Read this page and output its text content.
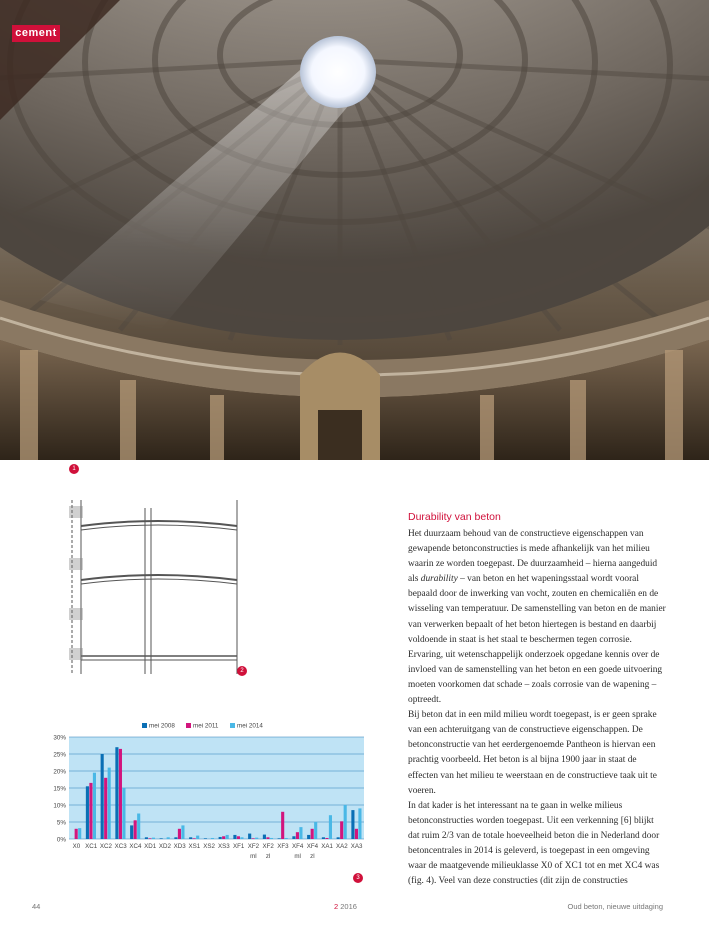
cement
1
2
0%
5%
10%
15%
20%
25%
30%
mei 2008	mei 2011	mei 2014
X0 XC1 XC2 XC3 XC4 XD1 XD2 XD3 XS1 XS2 XS3 XF1 XF2
ml
XF2
zl
XF3 XF4
ml
XF4
zl
XA1 XA2 XA3
3
Durability van beton

Het duurzaam behoud van de constructieve eigenschappen van gewapende betonconstructies is mede afhankelijk van het milieu waarin ze worden toegepast. De duurzaamheid – hierna aangeduid als durability – van beton en het wapeningsstaal wordt vooral bepaald door de inwerking van vocht, zouten en chemicaliën en de wisseling van temperatuur. De samenstelling van beton en de manier van verwerken bepaalt of het beton hiertegen is bestand en daarbij voldoende in staat is het staal te beschermen tegen corrosie. Ervaring, uit wetenschappelijk onderzoek opgedane kennis over de invloed van de samenstelling van het beton en een goede uitvoering moeten voorkomen dat schade – zoals corrosie van de wapening – optreedt.

Bij beton dat in een mild milieu wordt toegepast, is er geen sprake van een achteruitgang van de constructieve eigenschappen. De betonconstructie van het eerdergenoemde Pantheon is hiervan een prachtig voorbeeld. Het beton is al bijna 1900 jaar in staat de effecten van het milieu te weerstaan en de constructieve taak uit te voeren.

In dat kader is het interessant na te gaan in welke milieus betonconstructies worden toegepast. Uit een verkenning [6] blijkt dat ruim 2/3 van de totale hoeveelheid beton die in Nederland door betoncentrales in 2014 is geleverd, is toegepast in een omgeving waar de maatgevende milieuklasse X0 of XC1 tot en met XC4 was (fig. 4). Veel van deze constructies (dit zijn de constructies

44	2 2016	Oud beton, nieuwe uitdaging
